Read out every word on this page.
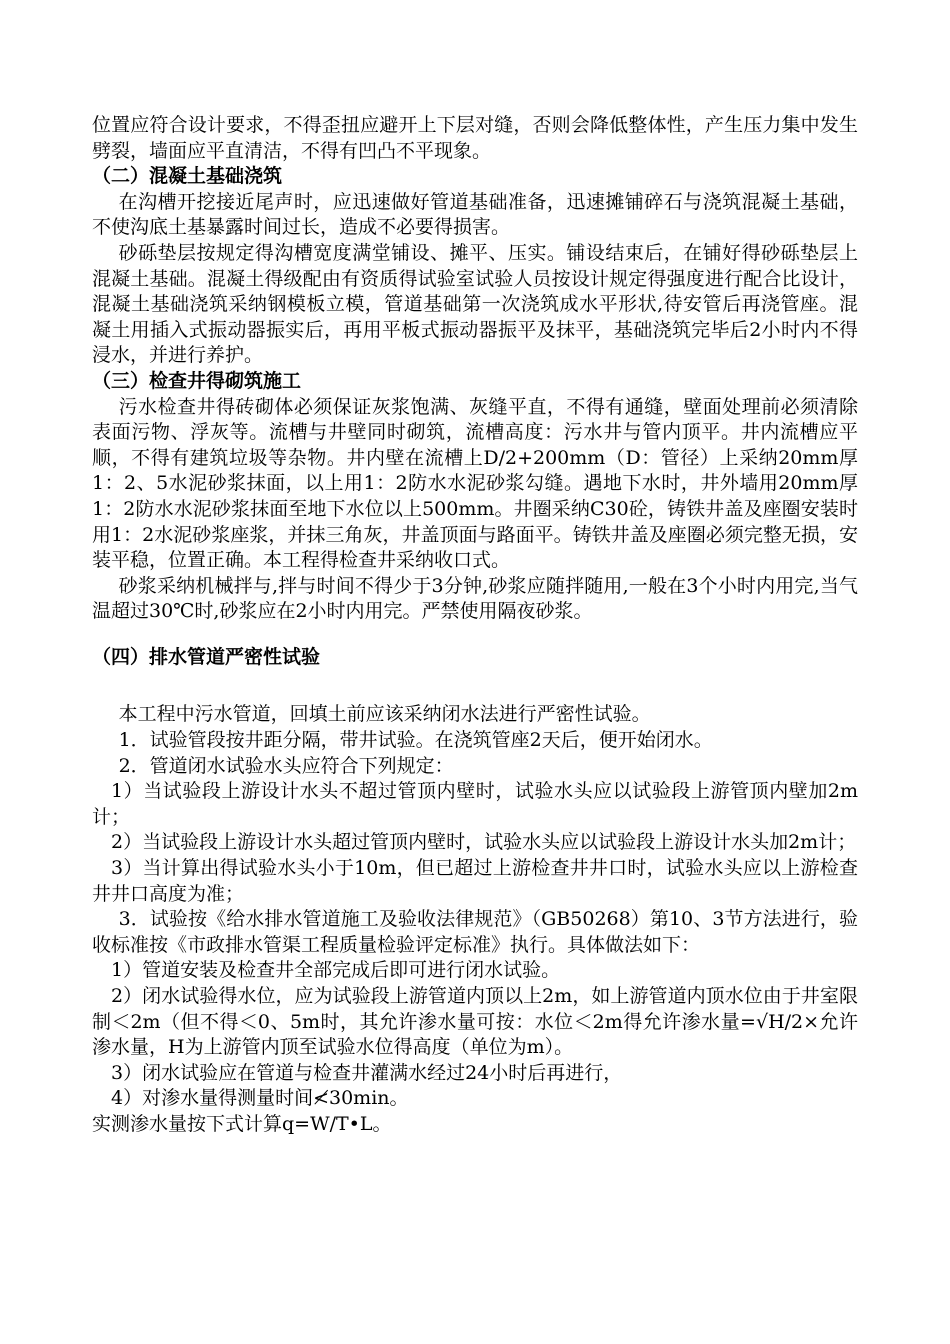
位置应符合设计要求，不得歪扭应避开上下层对缝，否则会降低整体性，产生压力集中发生劈裂，墙面应平直清洁，不得有凹凸不平现象。

（二）混凝土基础浇筑

在沟槽开挖接近尾声时，应迅速做好管道基础准备，迅速摊铺碎石与浇筑混凝土基础，不使沟底土基暴露时间过长，造成不必要得损害。

砂砾垫层按规定得沟槽宽度满堂铺设、摊平、压实。铺设结束后，在铺好得砂砾垫层上混凝土基础。混凝土得级配由有资质得试验室试验人员按设计规定得强度进行配合比设计，混凝土基础浇筑采纳钢模板立模，管道基础第一次浇筑成水平形状,待安管后再浇管座。混凝土用插入式振动器振实后，再用平板式振动器振平及抹平，基础浇筑完毕后2小时内不得浸水，并进行养护。

（三）检查井得砌筑施工

污水检查井得砖砌体必须保证灰浆饱满、灰缝平直，不得有通缝，壁面处理前必须清除表面污物、浮灰等。流槽与井壁同时砌筑，流槽高度：污水井与管内顶平。井内流槽应平顺，不得有建筑垃圾等杂物。井内壁在流槽上D/2+200mm（D：管径）上采纳20mm厚1：2、5水泥砂浆抹面，以上用1：2防水水泥砂浆勾缝。遇地下水时，井外墙用20mm厚1：2防水水泥砂浆抹面至地下水位以上500mm。井圈采纳C30砼，铸铁井盖及座圈安装时用1：2水泥砂浆座浆，并抹三角灰，井盖顶面与路面平。铸铁井盖及座圈必须完整无损，安装平稳，位置正确。本工程得检查井采纳收口式。

砂浆采纳机械拌与,拌与时间不得少于3分钟,砂浆应随拌随用,一般在3个小时内用完,当气温超过30℃时,砂浆应在2小时内用完。严禁使用隔夜砂浆。

（四）排水管道严密性试验

本工程中污水管道，回填土前应该采纳闭水法进行严密性试验。

1．试验管段按井距分隔，带井试验。在浇筑管座2天后，便开始闭水。

2．管道闭水试验水头应符合下列规定：

1）当试验段上游设计水头不超过管顶内壁时，试验水头应以试验段上游管顶内壁加2m计；

2）当试验段上游设计水头超过管顶内壁时，试验水头应以试验段上游设计水头加2m计；

3）当计算出得试验水头小于10m，但已超过上游检查井井口时，试验水头应以上游检查井井口高度为准；

3．试验按《给水排水管道施工及验收法律规范》（GB50268）第10、3节方法进行，验收标准按《市政排水管渠工程质量检验评定标准》执行。具体做法如下：

1）管道安装及检查井全部完成后即可进行闭水试验。

2）闭水试验得水位，应为试验段上游管道内顶以上2m，如上游管道内顶水位由于井室限制＜2m（但不得＜0、5m时，其允许渗水量可按：水位＜2m得允许渗水量=√H/2×允许渗水量，H为上游管内顶至试验水位得高度（单位为m）。

3）闭水试验应在管道与检查井灌满水经过24小时后再进行，

4）对渗水量得测量时间≮30min。

实测渗水量按下式计算q=W/T•L。
